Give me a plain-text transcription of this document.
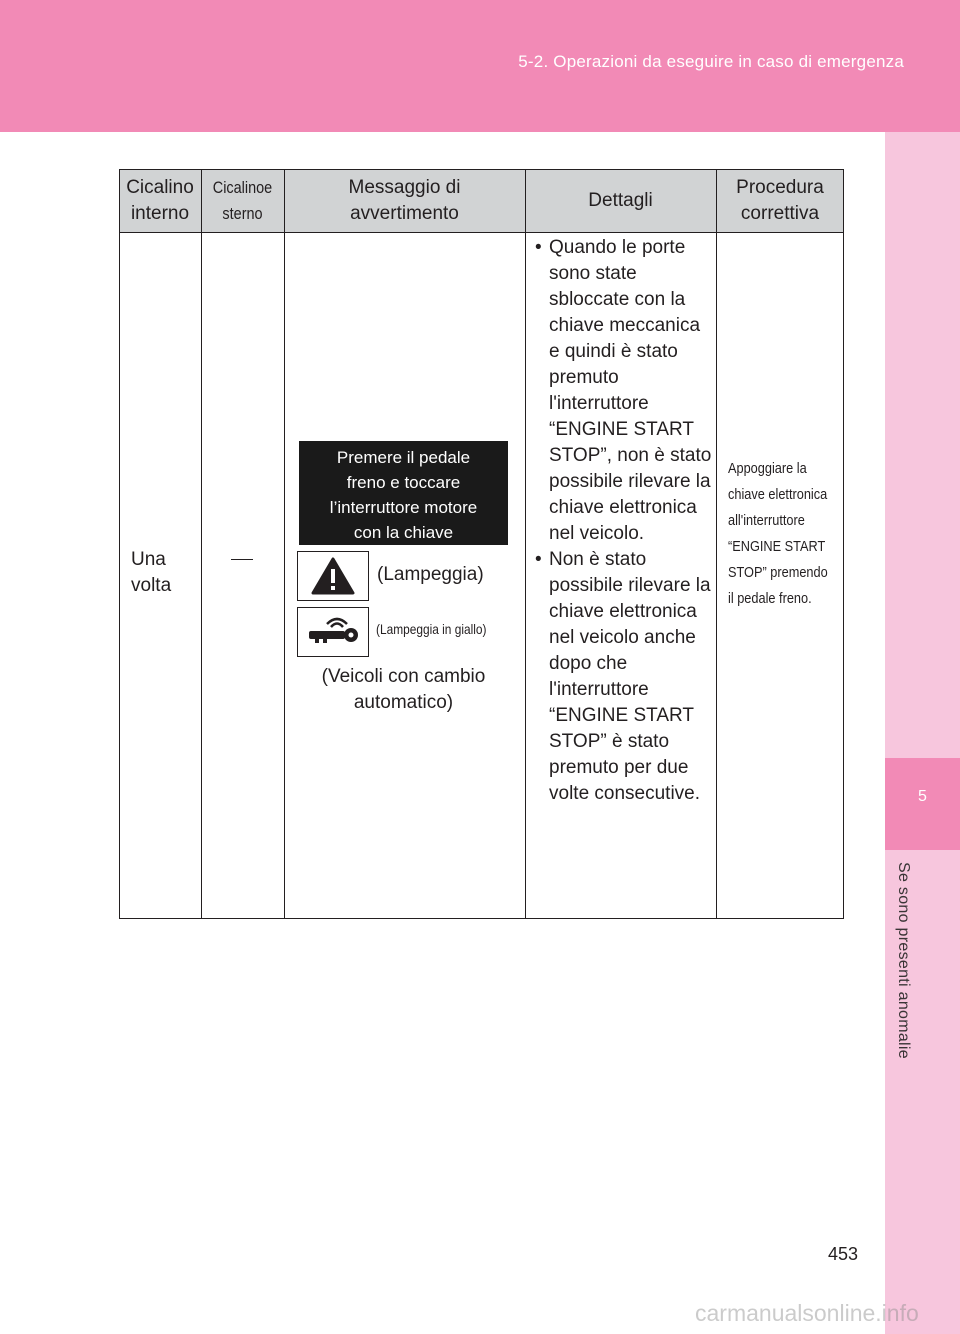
5-2. Operazioni da eseguire in caso di emergenza
5
Se sono presenti anomalie
Cicalino interno
Cicalinoe sterno
Messaggio di avvertimento
Dettagli
Procedura correttiva
Una volta
Premere il pedale
freno e toccare
l’interruttore motore
con la chiave
(Lampeggia)
(Lampeggia in giallo)
(Veicoli con cambio automatico)
• Quando le porte sono state sbloccate con la chiave meccanica e quindi è stato premuto l'interruttore “ENGINE START STOP”, non è stato possibile rilevare la chiave elettronica nel veicolo.
• Non è stato possibile rilevare la chiave elettronica nel veicolo anche dopo che l'interruttore “ENGINE START STOP” è stato premuto per due volte consecutive.
Appoggiare la chiave elettronica all'interruttore “ENGINE START STOP” premendo il pedale freno.
453
carmanualsonline.info
